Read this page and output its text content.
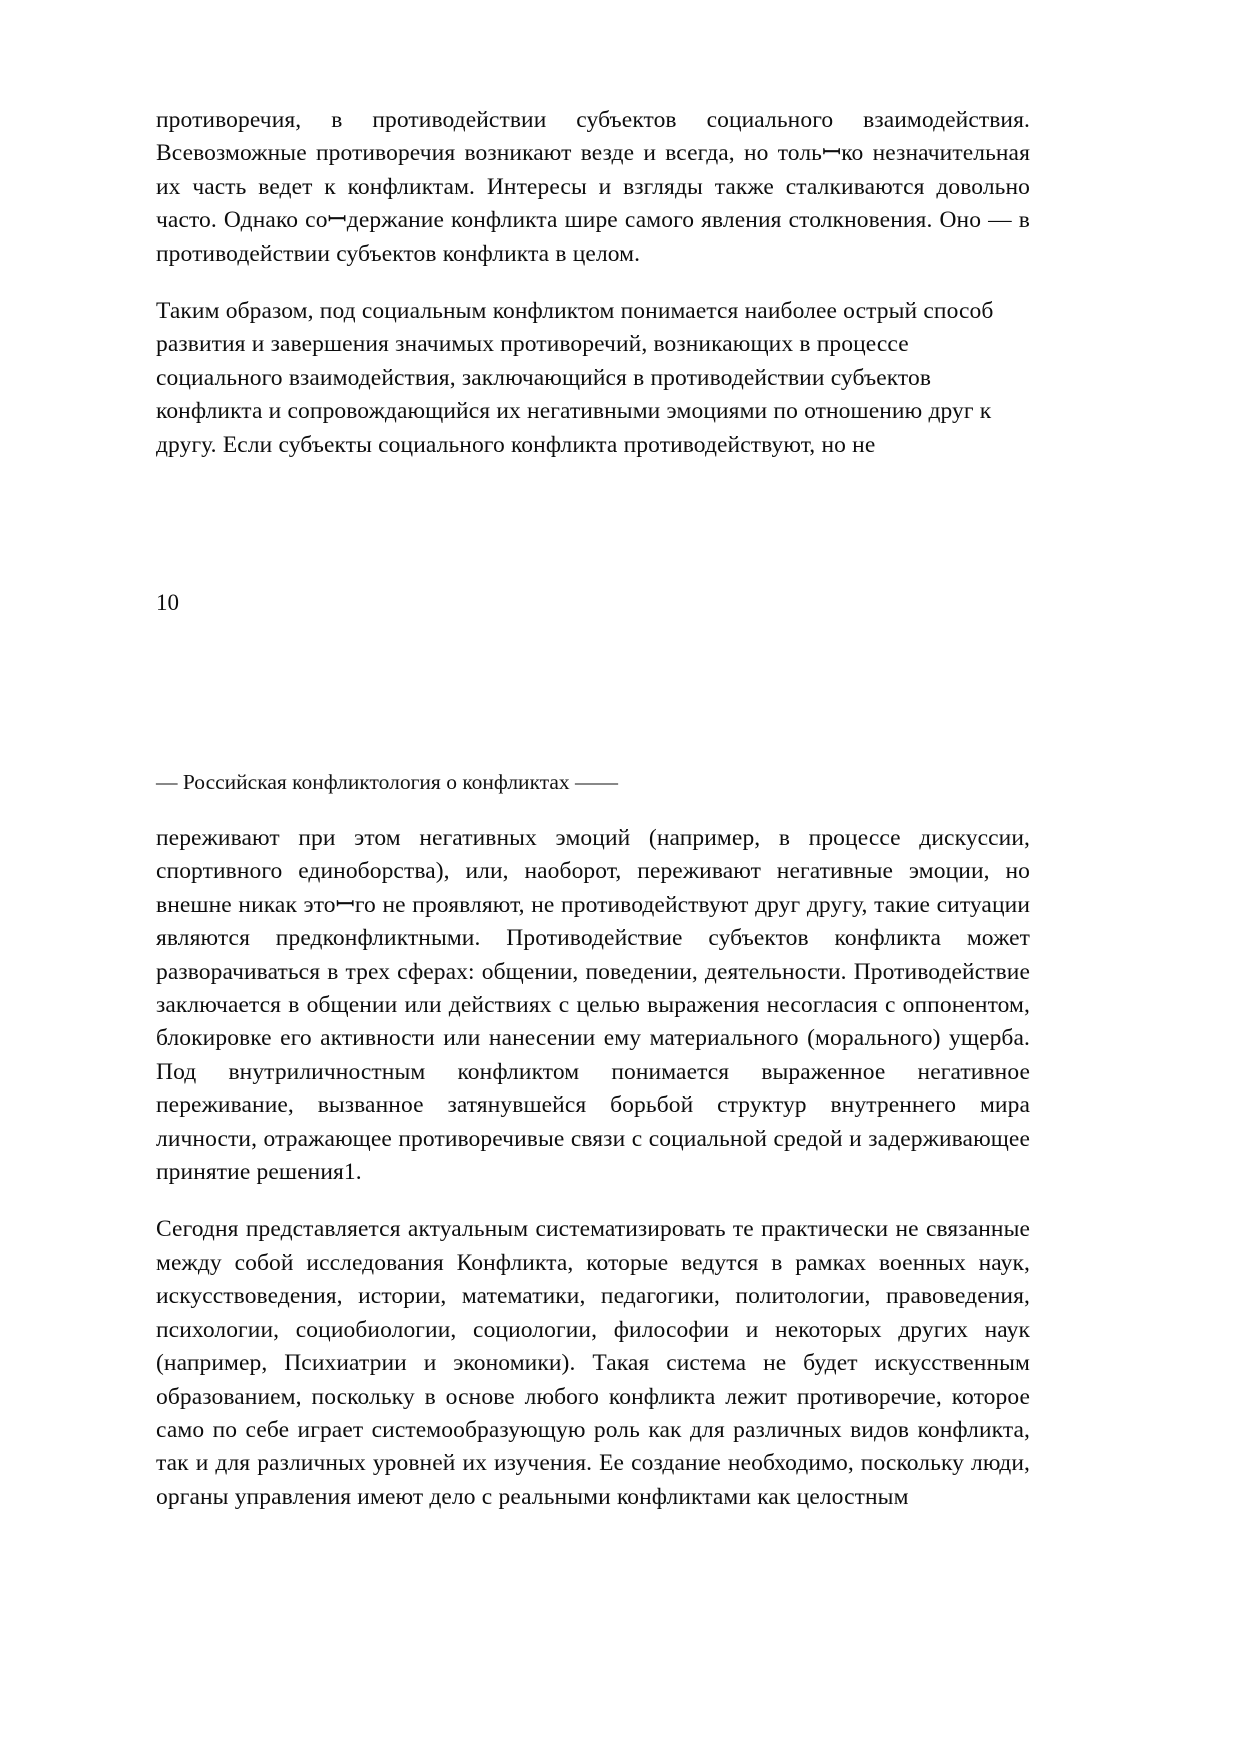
противоречия, в противодействии субъектов социального взаимодействия. Всевозможные противоречия возникают везде и всегда, но тольꟷко незначительная их часть ведет к конфликтам. Интересы и взгляды также сталкиваются довольно часто. Однако соꟷдержание конфликта шире самого явления столкновения. Оно — в противодействии субъектов конфликта в целом.

Таким образом, под социальным конфликтом понимается наиболее острый способ развития и завершения значимых противоречий, возникающих в процессе социального взаимодействия, заключающийся в противодействии субъектов конфликта и сопровождающийся их негативными эмоциями по отношению друг к другу. Если субъекты социального конфликта противодействуют, но не

10

— Российская конфликтология о конфликтах ——

переживают при этом негативных эмоций (например, в процессе дискуссии, спортивного единоборства), или, наоборот, переживают негативные эмоции, но внешне никак этоꟷго не проявляют, не противодействуют друг другу, такие ситуации являются предконфликтными. Противодействие субъектов конфликта может разворачиваться в трех сферах: общении, поведении, деятельности. Противодействие заключается в общении или действиях с целью выражения несогласия с оппонентом, блокировке его активности или нанесении ему материального (морального) ущерба. Под внутриличностным конфликтом понимается выраженное негативное переживание, вызванное затянувшейся борьбой структур внутреннего мира личности, отражающее противоречивые связи с социальной средой и задерживающее принятие решения1.

Сегодня представляется актуальным систематизировать те практически не связанные между собой исследования Конфликта, которые ведутся в рамках военных наук, искусствоведения, истории, математики, педагогики, политологии, правоведения, психологии, социобиологии, социологии, философии и некоторых других наук (например, Психиатрии и экономики). Такая система не будет искусственным образованием, поскольку в основе любого конфликта лежит противоречие, которое само по себе играет системообразующую роль как для различных видов конфликта, так и для различных уровней их изучения. Ее создание необходимо, поскольку люди, органы управления имеют дело с реальными конфликтами как целостным
